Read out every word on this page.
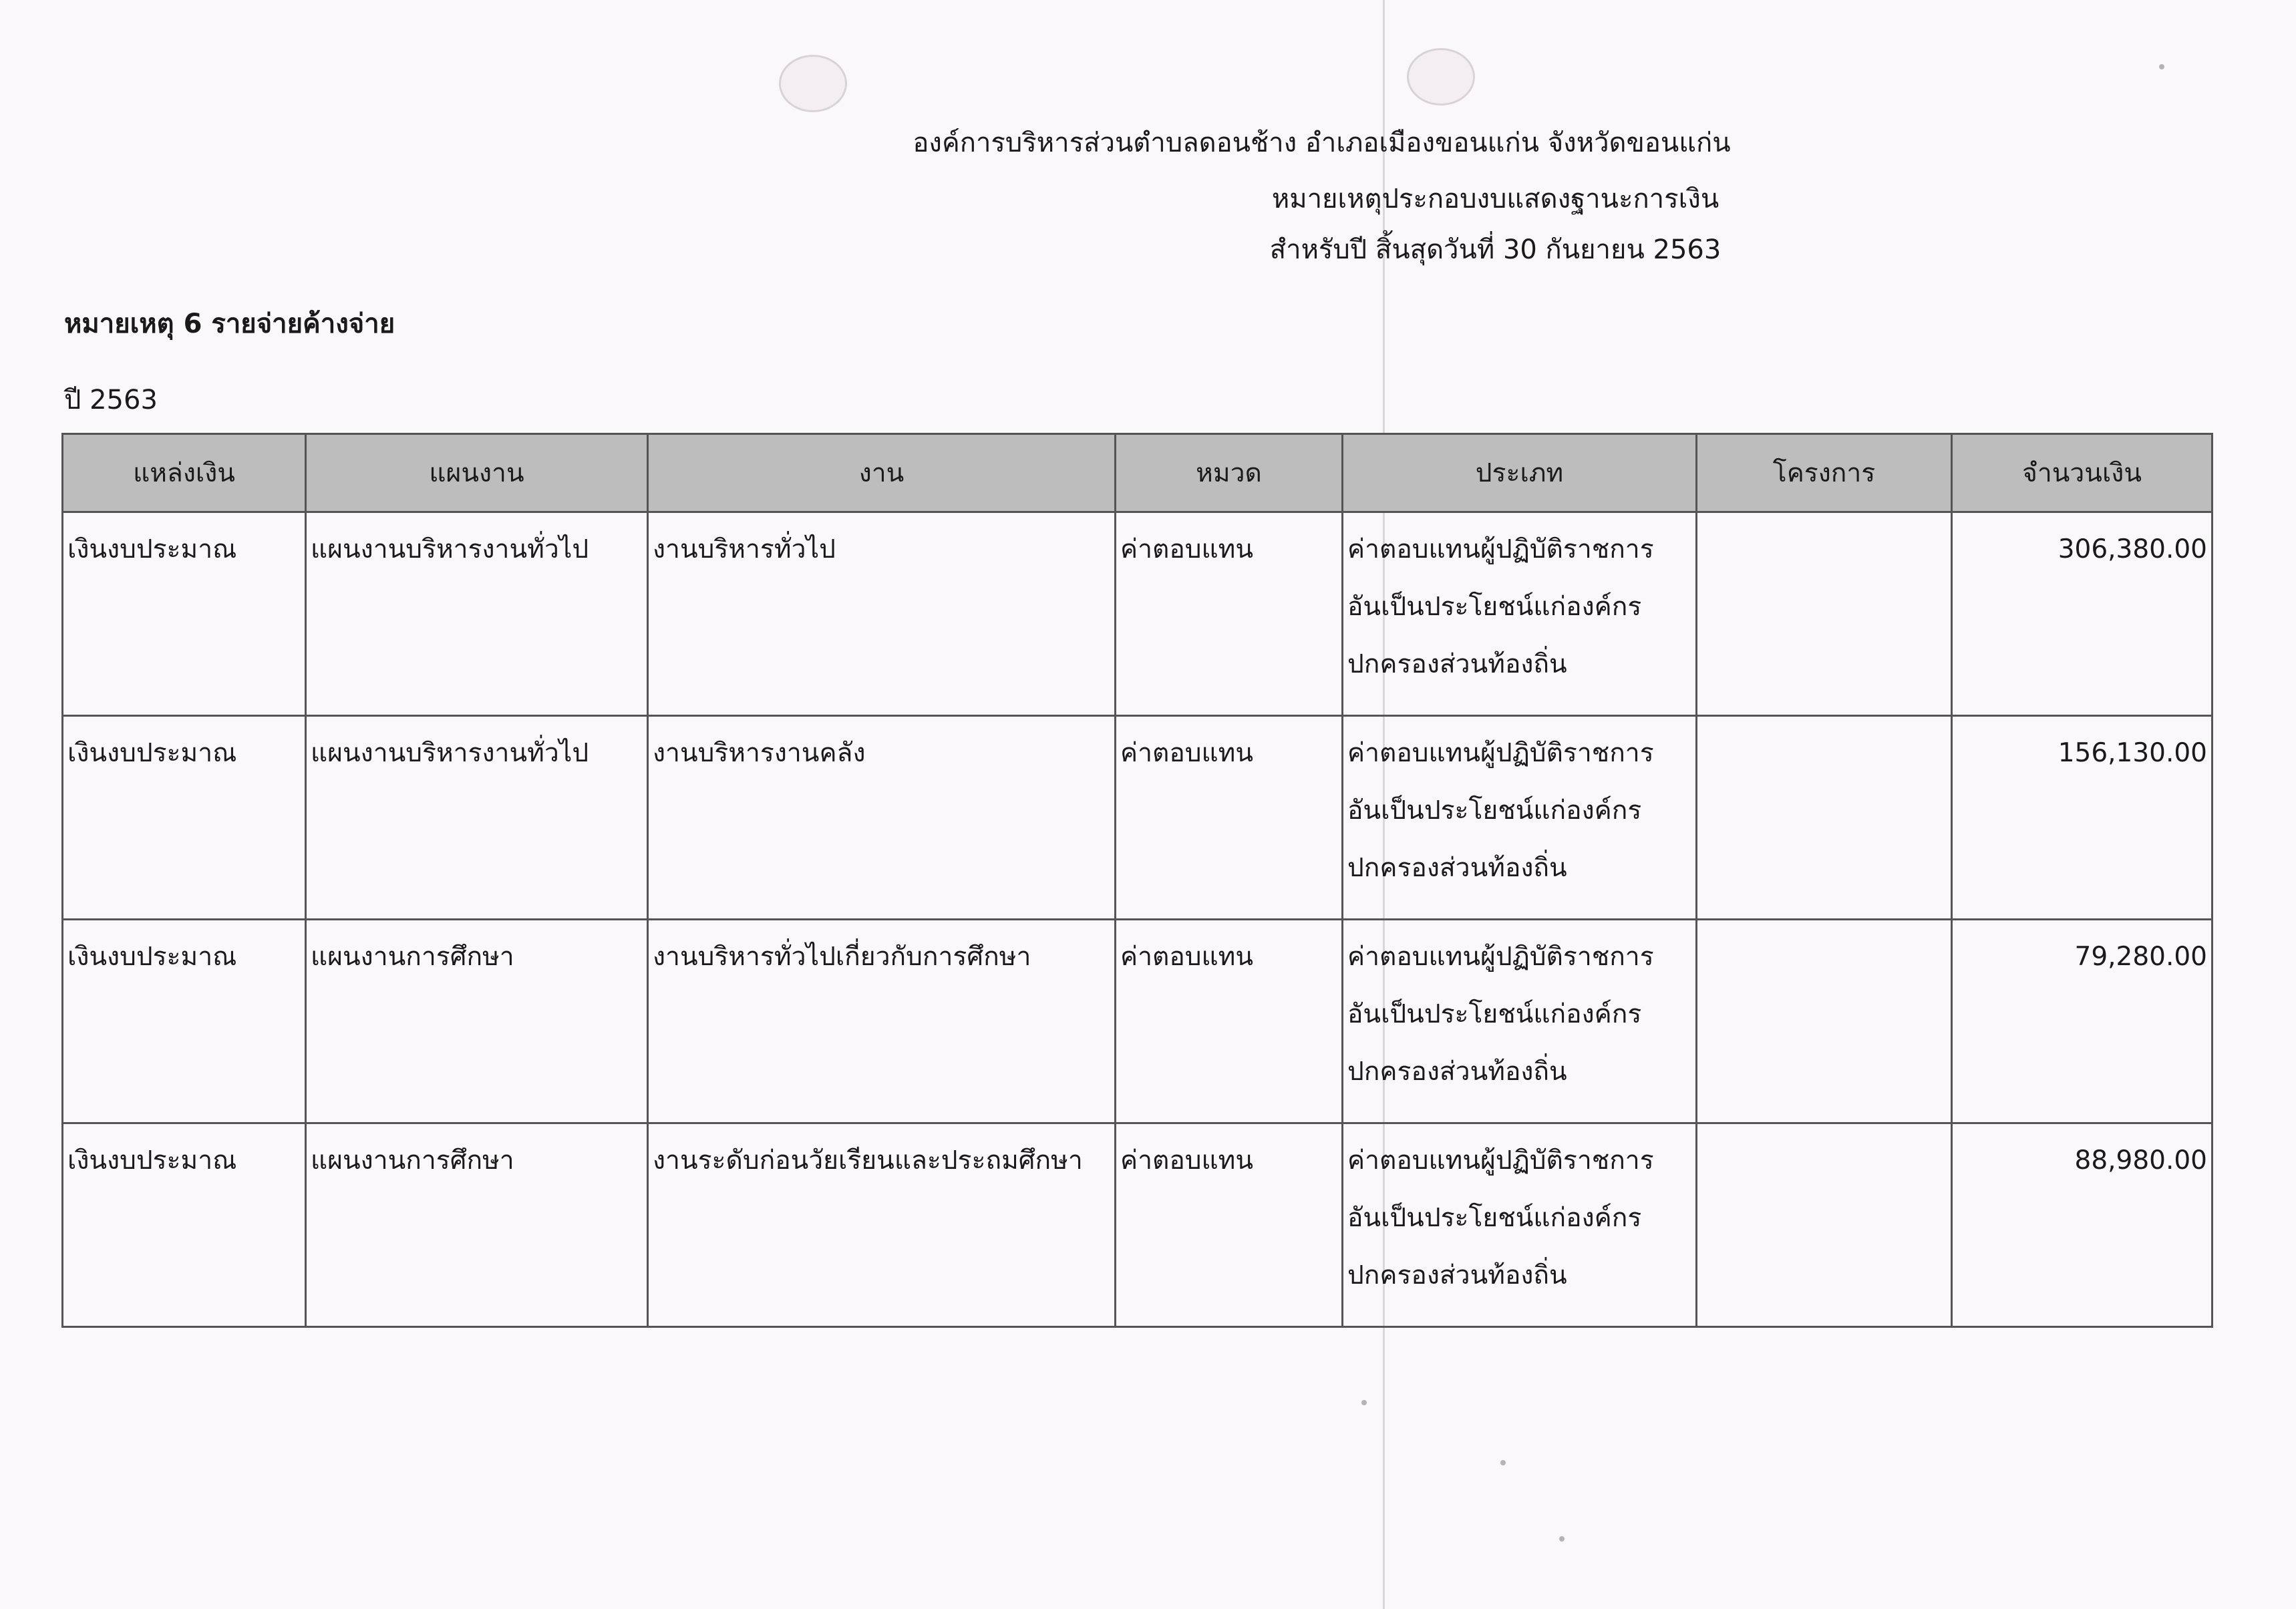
องค์การบริหารส่วนตำบลดอนช้าง อำเภอเมืองขอนแก่น จังหวัดขอนแก่น
หมายเหตุประกอบงบแสดงฐานะการเงิน
สำหรับปี สิ้นสุดวันที่ 30 กันยายน 2563
หมายเหตุ 6 รายจ่ายค้างจ่าย
ปี 2563
แหล่งเงิน	แผนงาน	งาน	หมวด	ประเภท	โครงการ	จำนวนเงิน
เงินงบประมาณ	แผนงานบริหารงานทั่วไป	งานบริหารทั่วไป	ค่าตอบแทน	ค่าตอบแทนผู้ปฏิบัติราชการ
อันเป็นประโยชน์แก่องค์กร
ปกครองส่วนท้องถิ่น		306,380.00
เงินงบประมาณ	แผนงานบริหารงานทั่วไป	งานบริหารงานคลัง	ค่าตอบแทน	ค่าตอบแทนผู้ปฏิบัติราชการ
อันเป็นประโยชน์แก่องค์กร
ปกครองส่วนท้องถิ่น		156,130.00
เงินงบประมาณ	แผนงานการศึกษา	งานบริหารทั่วไปเกี่ยวกับการศึกษา	ค่าตอบแทน	ค่าตอบแทนผู้ปฏิบัติราชการ
อันเป็นประโยชน์แก่องค์กร
ปกครองส่วนท้องถิ่น		79,280.00
เงินงบประมาณ	แผนงานการศึกษา	งานระดับก่อนวัยเรียนและประถมศึกษา	ค่าตอบแทน	ค่าตอบแทนผู้ปฏิบัติราชการ
อันเป็นประโยชน์แก่องค์กร
ปกครองส่วนท้องถิ่น		88,980.00
